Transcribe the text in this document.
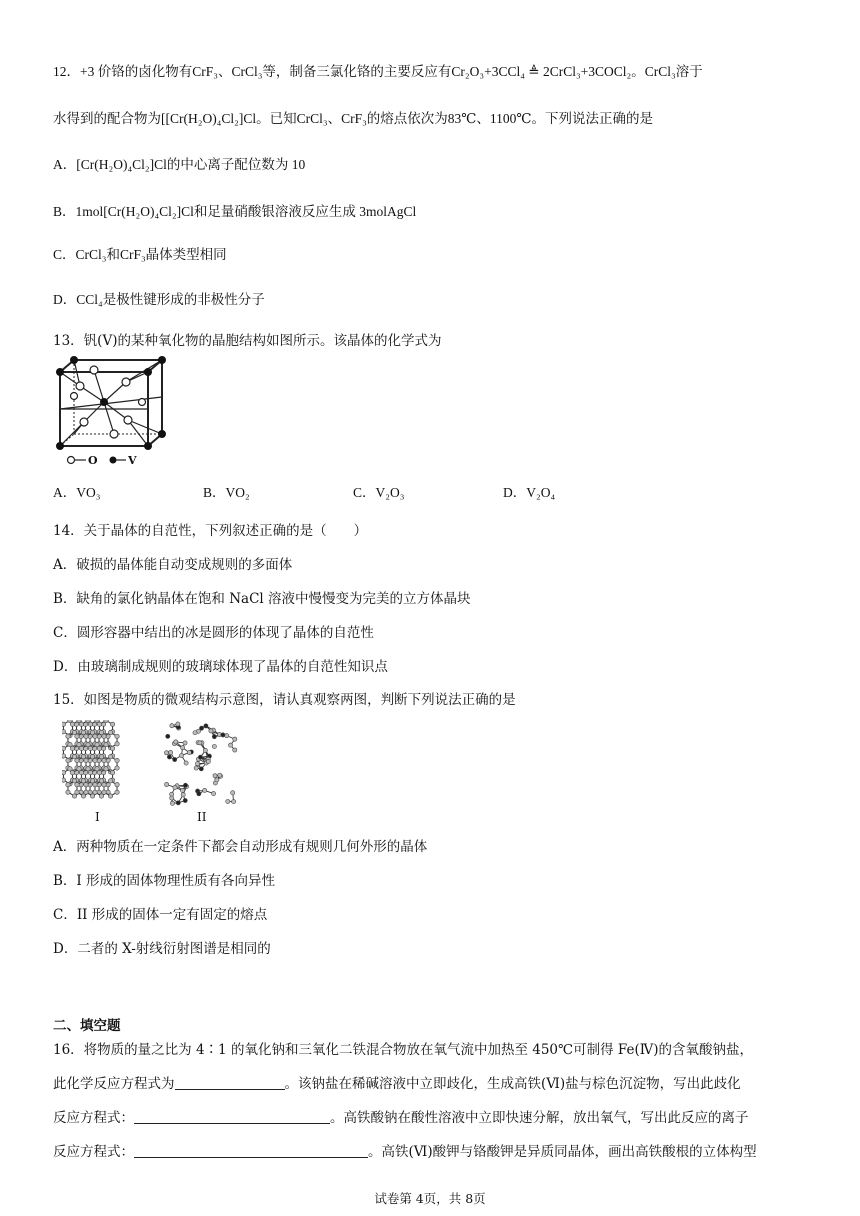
12．+3 价铬的卤化物有CrF₃、CrCl₃等，制备三氯化铬的主要反应有Cr₂O₃+3CCl₄ ≜ 2CrCl₃+3COCl₂。CrCl₃溶于
水得到的配合物为[[Cr(H₂O)₄Cl₂]Cl。已知CrCl₃、CrF₃的熔点依次为83℃、1100℃。下列说法正确的是
A．[Cr(H₂O)₄Cl₂]Cl的中心离子配位数为 10
B．1mol[Cr(H₂O)₄Cl₂]Cl和足量硝酸银溶液反应生成 3molAgCl
C．CrCl₃和CrF₃晶体类型相同
D．CCl₄是极性键形成的非极性分子
13．钒(V)的某种氧化物的晶胞结构如图所示。该晶体的化学式为
O	V
A．VO₃	B．VO₂	C．V₂O₃	D．V₂O₄
14．关于晶体的自范性，下列叙述正确的是（　　）
A．破损的晶体能自动变成规则的多面体
B．缺角的氯化钠晶体在饱和 NaCl 溶液中慢慢变为完美的立方体晶块
C．圆形容器中结出的冰是圆形的体现了晶体的自范性
D．由玻璃制成规则的玻璃球体现了晶体的自范性知识点
15．如图是物质的微观结构示意图，请认真观察两图，判断下列说法正确的是
I	II
A．两种物质在一定条件下都会自动形成有规则几何外形的晶体
B．I 形成的固体物理性质有各向异性
C．II 形成的固体一定有固定的熔点
D．二者的 X-射线衍射图谱是相同的
二、填空题
16．将物质的量之比为 4∶1 的氧化钠和三氧化二铁混合物放在氧气流中加热至 450℃可制得 Fe(Ⅳ)的含氧酸钠盐，
此化学反应方程式为	。该钠盐在稀碱溶液中立即歧化，生成高铁(Ⅵ)盐与棕色沉淀物，写出此歧化
反应方程式：	。高铁酸钠在酸性溶液中立即快速分解，放出氧气，写出此反应的离子
反应方程式：	。高铁(Ⅵ)酸钾与铬酸钾是异质同晶体，画出高铁酸根的立体构型
试卷第 4页，共 8页
